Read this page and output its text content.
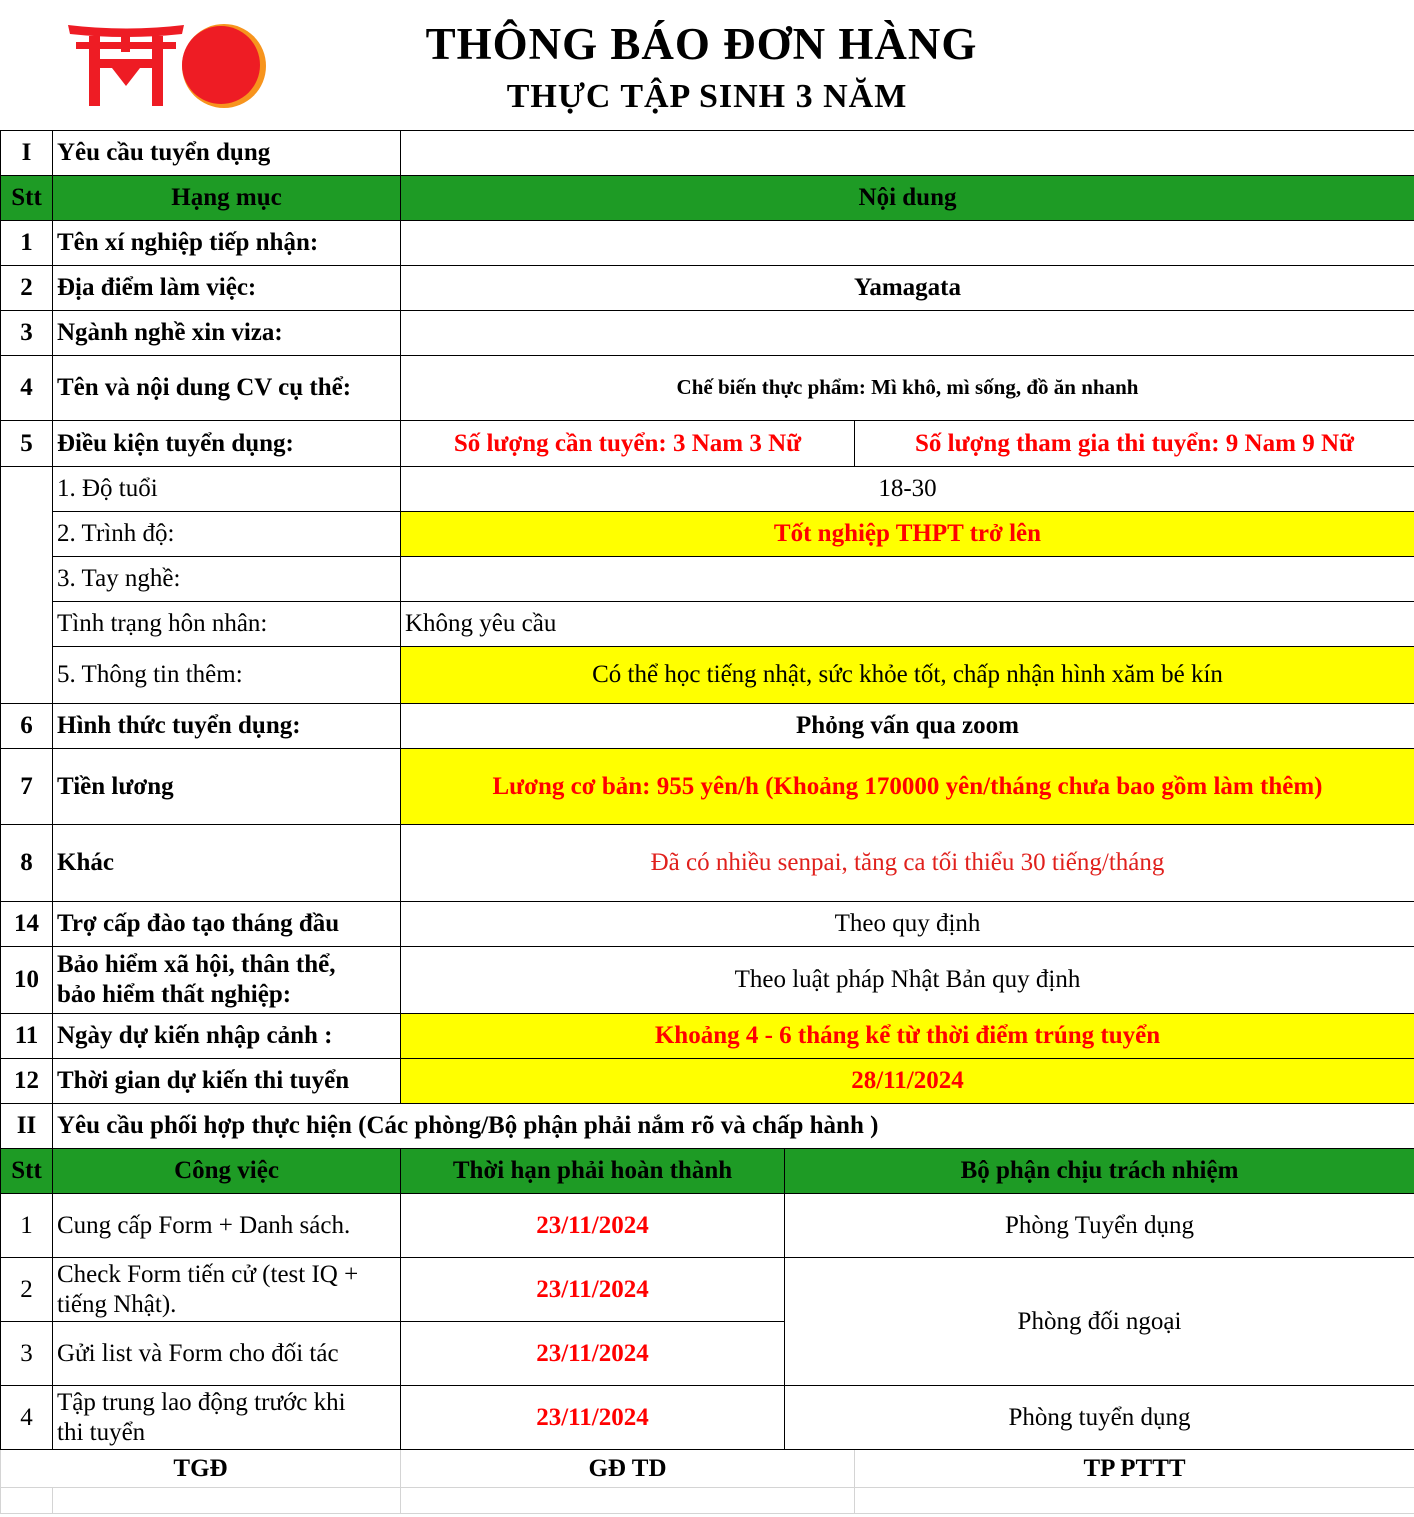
THÔNG BÁO ĐƠN HÀNG
THỰC TẬP SINH 3 NĂM
I	Yêu cầu tuyển dụng			
Stt	Hạng mục	Nội dung		
1	Tên xí nghiệp tiếp nhận:			
2	Địa điểm làm việc:	Yamagata		
3	Ngành nghề xin viza:			
4	Tên và nội dung CV cụ thể:	Chế biến thực phẩm: Mì khô, mì sống, đồ ăn nhanh		
5	Điều kiện tuyển dụng:	Số lượng cần tuyển: 3 Nam 3 Nữ		Số lượng tham gia thi tuyển: 9 Nam 9 Nữ
	1. Độ tuổi	18-30		
	2. Trình độ:	Tốt nghiệp THPT trở lên		
	3. Tay nghề:			
	Tình trạng hôn nhân:	Không yêu cầu		
	5. Thông tin thêm:	Có thể học tiếng nhật, sức khỏe tốt, chấp nhận hình xăm bé kín		
6	Hình thức tuyển dụng:	Phỏng vấn qua zoom		
7	Tiền lương	Lương cơ bản: 955 yên/h (Khoảng 170000 yên/tháng chưa bao gồm làm thêm)		
8	Khác	Đã có nhiều senpai, tăng ca tối thiểu 30 tiếng/tháng		
14	Trợ cấp đào tạo tháng đầu	Theo quy định		
10	Bảo hiểm xã hội, thân thể,
bảo hiểm thất nghiệp:	Theo luật pháp Nhật Bản quy định		
11	Ngày dự kiến nhập cảnh :	Khoảng 4 - 6 tháng kể từ thời điểm trúng tuyển		
12	Thời gian dự kiến thi tuyển	28/11/2024		
II	Yêu cầu phối hợp thực hiện (Các phòng/Bộ phận phải nắm rõ và chấp hành )			
Stt	Công việc	Thời hạn phải hoàn thành	Bộ phận chịu trách nhiệm	
1	Cung cấp Form + Danh sách.	23/11/2024	Phòng Tuyển dụng	
2	Check Form tiến cử (test IQ +
tiếng Nhật).	23/11/2024	Phòng đối ngoại	
3	Gửi list và Form cho đối tác	23/11/2024		
4	Tập trung lao động trước khi
thi tuyển	23/11/2024	Phòng tuyển dụng	
TGĐ		GĐ TD		TP PTTT
